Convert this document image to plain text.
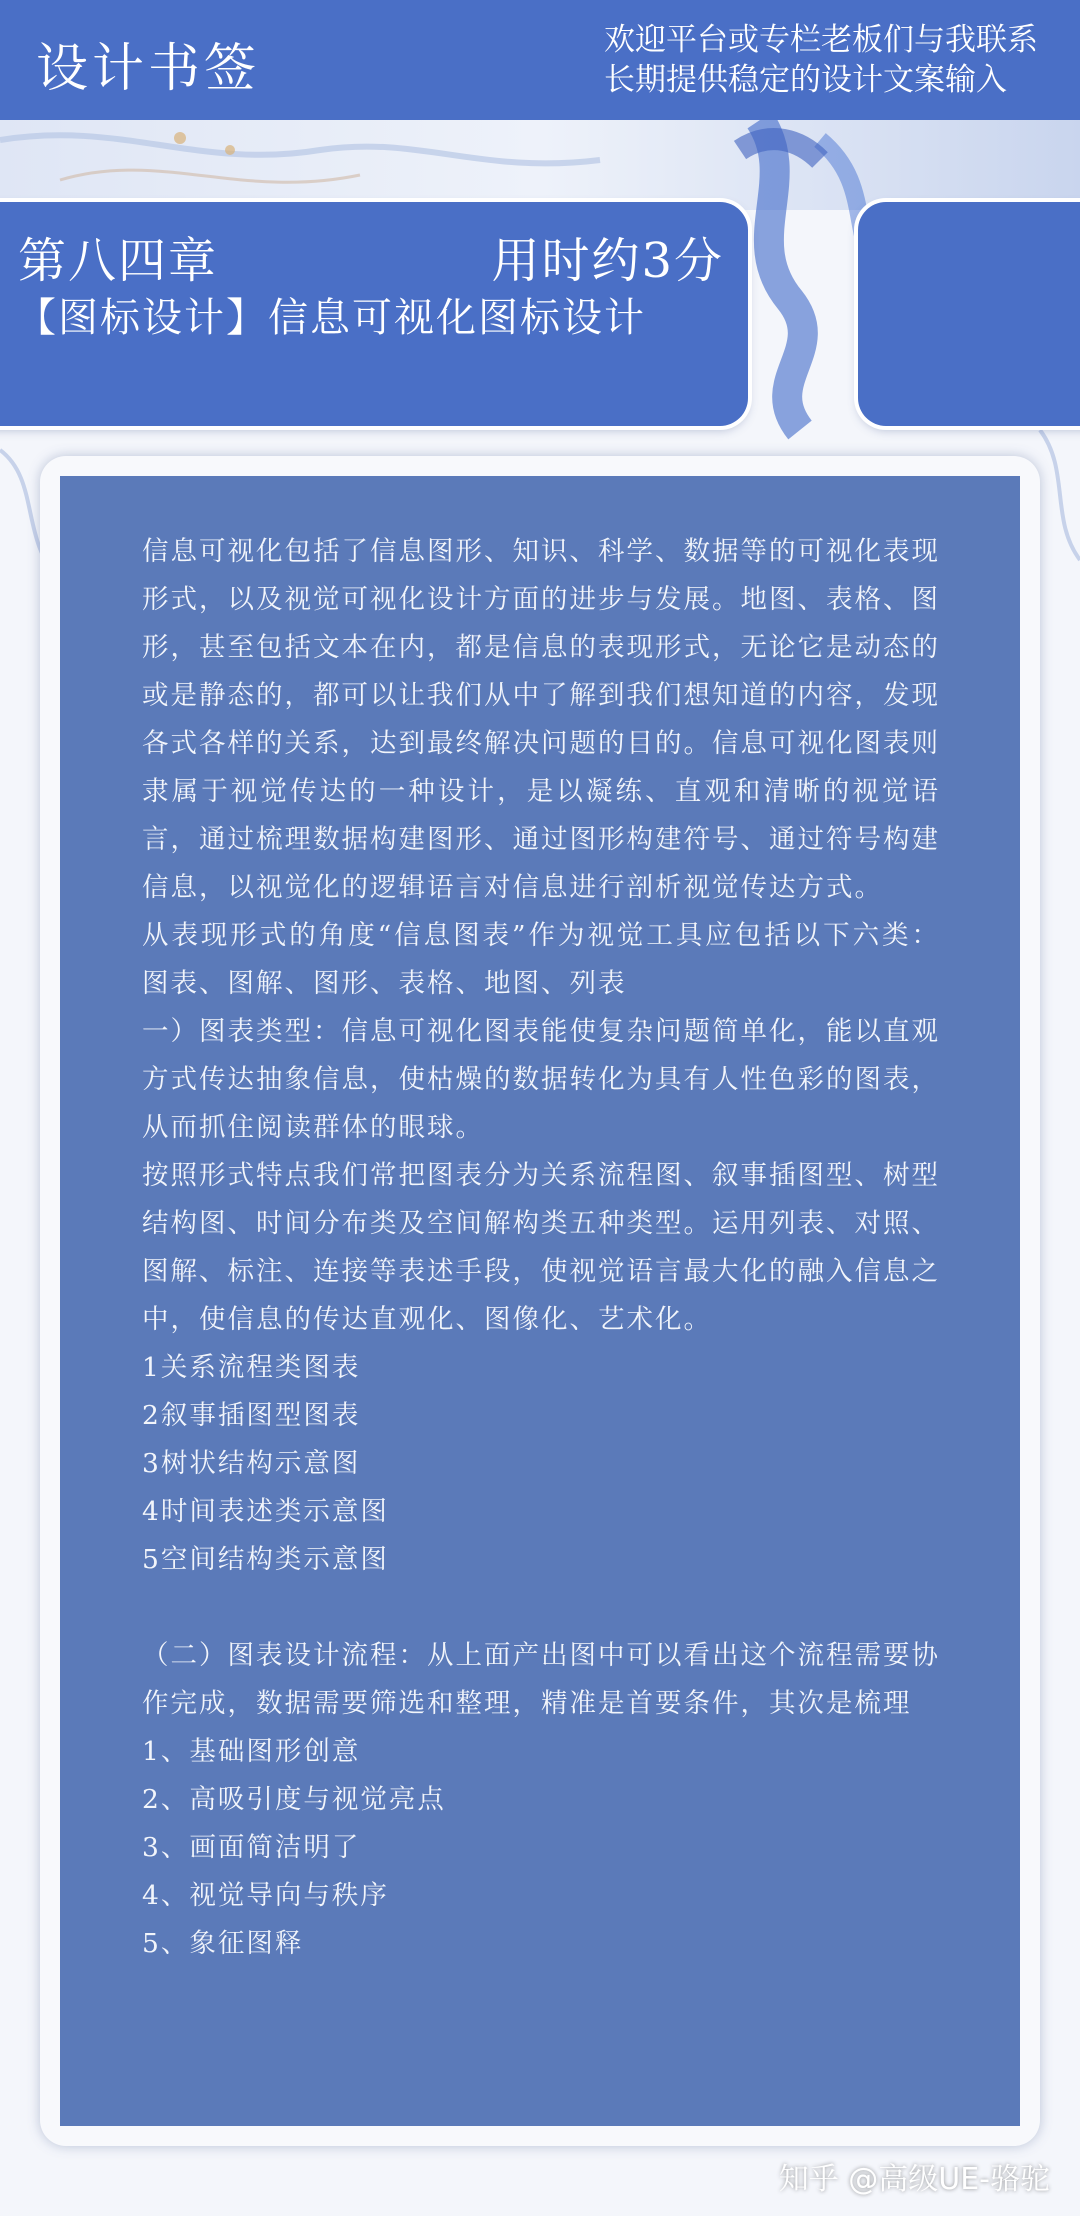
设计书签	欢迎平台或专栏老板们与我联系
长期提供稳定的设计文案输入
第八四章	用时约3分
【图标设计】信息可视化图标设计

信息可视化包括了信息图形、知识、科学、数据等的可视化表现形式，以及视觉可视化设计方面的进步与发展。地图、表格、图形，甚至包括文本在内，都是信息的表现形式，无论它是动态的或是静态的，都可以让我们从中了解到我们想知道的内容，发现各式各样的关系，达到最终解决问题的目的。信息可视化图表则隶属于视觉传达的一种设计，是以凝练、直观和清晰的视觉语言，通过梳理数据构建图形、通过图形构建符号、通过符号构建信息，以视觉化的逻辑语言对信息进行剖析视觉传达方式。

从表现形式的角度“信息图表”作为视觉工具应包括以下六类：图表、图解、图形、表格、地图、列表

一）图表类型：信息可视化图表能使复杂问题简单化，能以直观方式传达抽象信息，使枯燥的数据转化为具有人性色彩的图表，从而抓住阅读群体的眼球。

按照形式特点我们常把图表分为关系流程图、叙事插图型、树型结构图、时间分布类及空间解构类五种类型。运用列表、对照、图解、标注、连接等表述手段，使视觉语言最大化的融入信息之中，使信息的传达直观化、图像化、艺术化。

1关系流程类图表

2叙事插图型图表

3树状结构示意图

4时间表述类示意图

5空间结构类示意图

（二）图表设计流程：从上面产出图中可以看出这个流程需要协作完成，数据需要筛选和整理，精准是首要条件，其次是梳理

1、基础图形创意

2、高吸引度与视觉亮点

3、画面简洁明了

4、视觉导向与秩序

5、象征图释

知乎 @高级UE-骆驼
